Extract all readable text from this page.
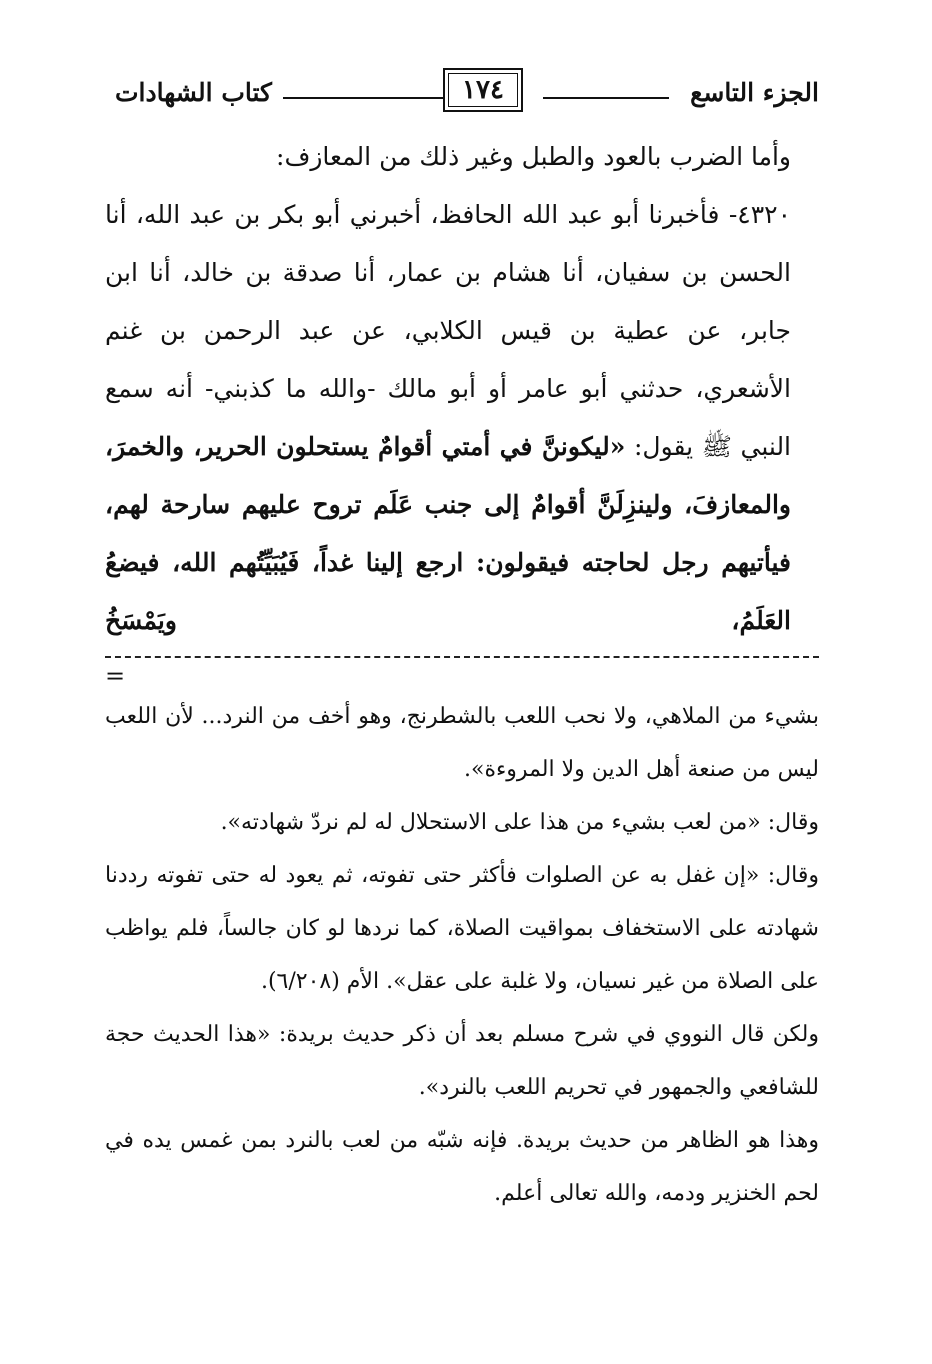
الجزء التاسع
١٧٤
كتاب الشهادات

وأما الضرب بالعود والطبل وغير ذلك من المعازف:

٤٣٢٠- فأخبرنا أبو عبد الله الحافظ، أخبرني أبو بكر بن عبد الله، أنا الحسن بن سفيان، أنا هشام بن عمار، أنا صدقة بن خالد، أنا ابن جابر، عن عطية بن قيس الكلابي، عن عبد الرحمن بن غنم الأشعري، حدثني أبو عامر أو أبو مالك -والله ما كذبني- أنه سمع النبي ﷺ يقول: «ليكوننَّ في أمتي أقوامٌ يستحلون الحرير، والخمرَ، والمعازفَ، ولينزِلَنَّ أقوامٌ إلى جنب عَلَم تروح عليهم سارحة لهم، فيأتيهم رجل لحاجته فيقولون: ارجع إلينا غداً، فَيُبَيِّتُهم الله، فيضعُ العَلَمُ، ويَمْسَخُ

=

بشيء من الملاهي، ولا نحب اللعب بالشطرنج، وهو أخف من النرد... لأن اللعب ليس من صنعة أهل الدين ولا المروءة».

وقال: «من لعب بشيء من هذا على الاستحلال له لم نردّ شهادته».

وقال: «إن غفل به عن الصلوات فأكثر حتى تفوته، ثم يعود له حتى تفوته رددنا شهادته على الاستخفاف بمواقيت الصلاة، كما نردها لو كان جالساً، فلم يواظب على الصلاة من غير نسيان، ولا غلبة على عقل». الأم (٦/٢٠٨).

ولكن قال النووي في شرح مسلم بعد أن ذكر حديث بريدة: «هذا الحديث حجة للشافعي والجمهور في تحريم اللعب بالنرد».

وهذا هو الظاهر من حديث بريدة. فإنه شبّه من لعب بالنرد بمن غمس يده في لحم الخنزير ودمه، والله تعالى أعلم.
